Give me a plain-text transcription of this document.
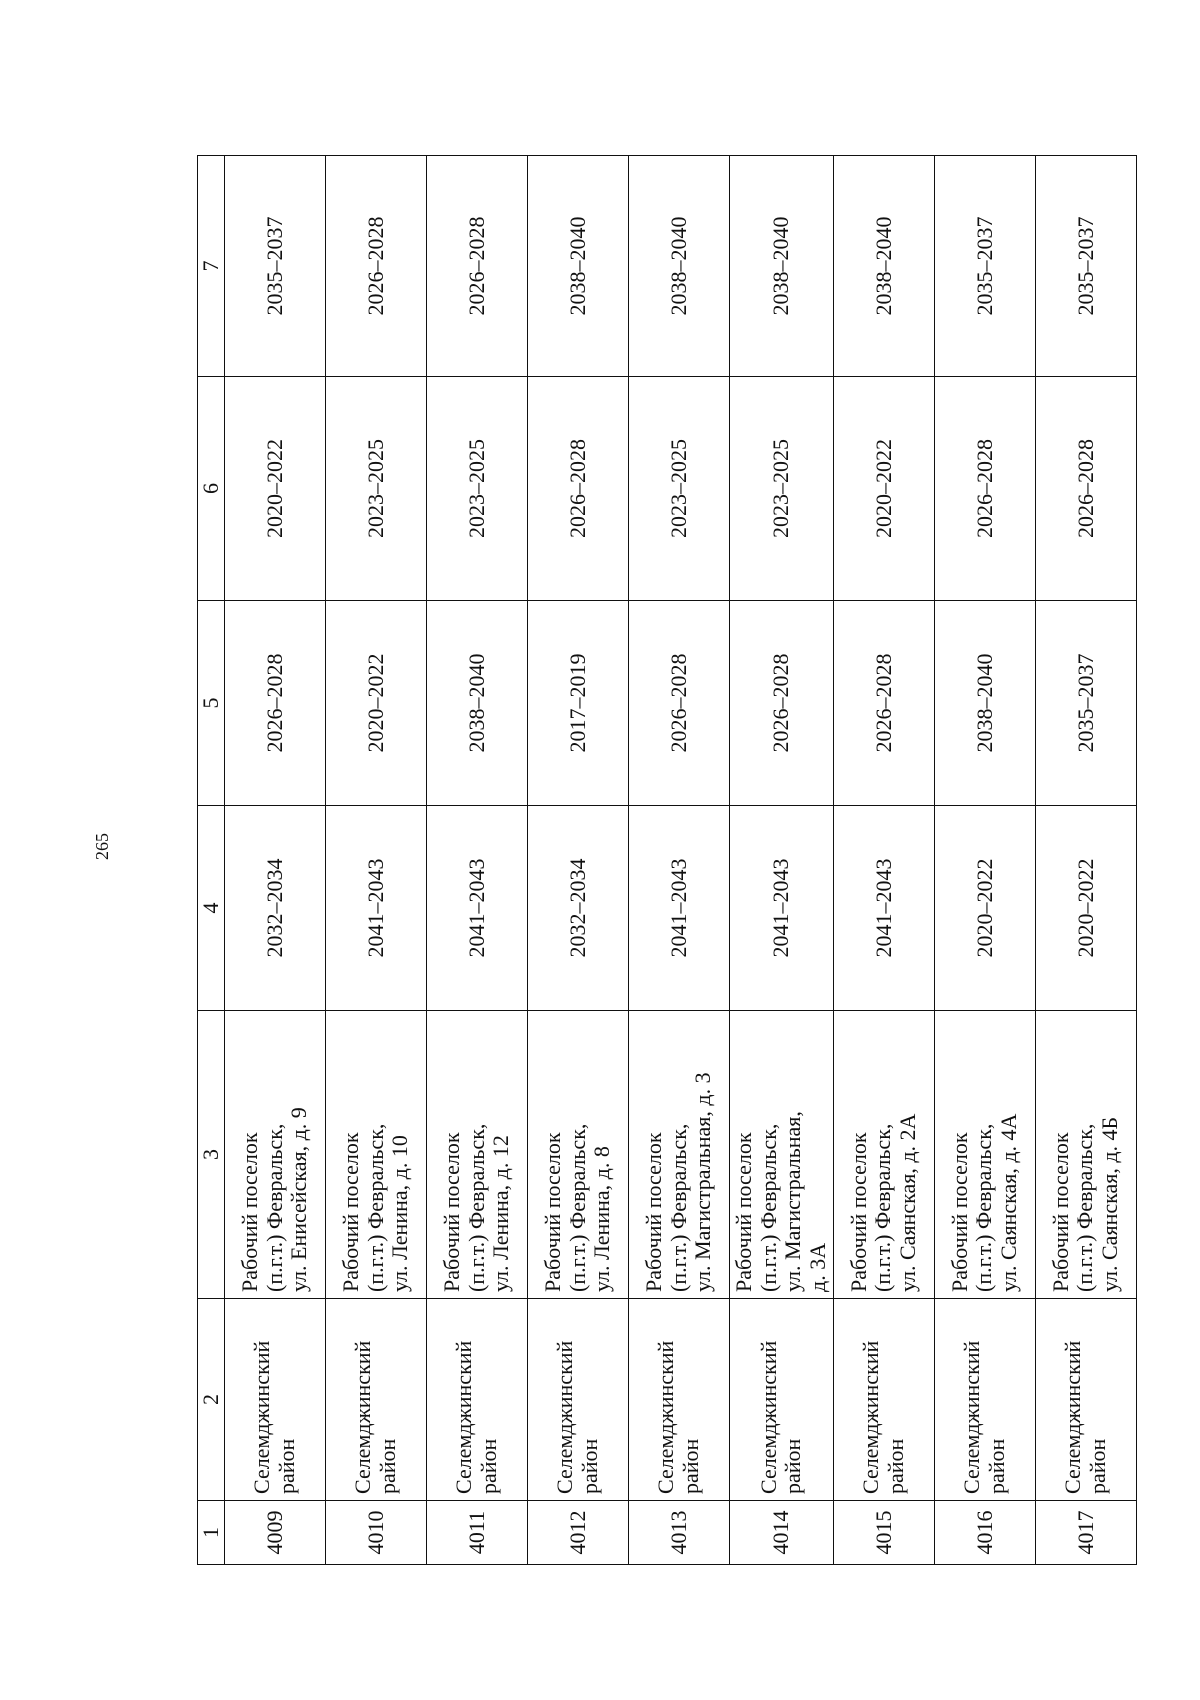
265
1	2	3	4	5	6	7
4009	Селемджинский район	Рабочий поселок (п.г.т.) Февральск, ул. Енисейская, д. 9	2032–2034	2026–2028	2020–2022	2035–2037
4010	Селемджинский район	Рабочий поселок (п.г.т.) Февральск, ул. Ленина, д. 10	2041–2043	2020–2022	2023–2025	2026–2028
4011	Селемджинский район	Рабочий поселок (п.г.т.) Февральск, ул. Ленина, д. 12	2041–2043	2038–2040	2023–2025	2026–2028
4012	Селемджинский район	Рабочий поселок (п.г.т.) Февральск, ул. Ленина, д. 8	2032–2034	2017–2019	2026–2028	2038–2040
4013	Селемджинский район	Рабочий поселок (п.г.т.) Февральск, ул. Магистральная, д. 3	2041–2043	2026–2028	2023–2025	2038–2040
4014	Селемджинский район	Рабочий поселок (п.г.т.) Февральск, ул. Магистральная, д. 3А	2041–2043	2026–2028	2023–2025	2038–2040
4015	Селемджинский район	Рабочий поселок (п.г.т.) Февральск, ул. Саянская, д. 2А	2041–2043	2026–2028	2020–2022	2038–2040
4016	Селемджинский район	Рабочий поселок (п.г.т.) Февральск, ул. Саянская, д. 4А	2020–2022	2038–2040	2026–2028	2035–2037
4017	Селемджинский район	Рабочий поселок (п.г.т.) Февральск, ул. Саянская, д. 4Б	2020–2022	2035–2037	2026–2028	2035–2037
